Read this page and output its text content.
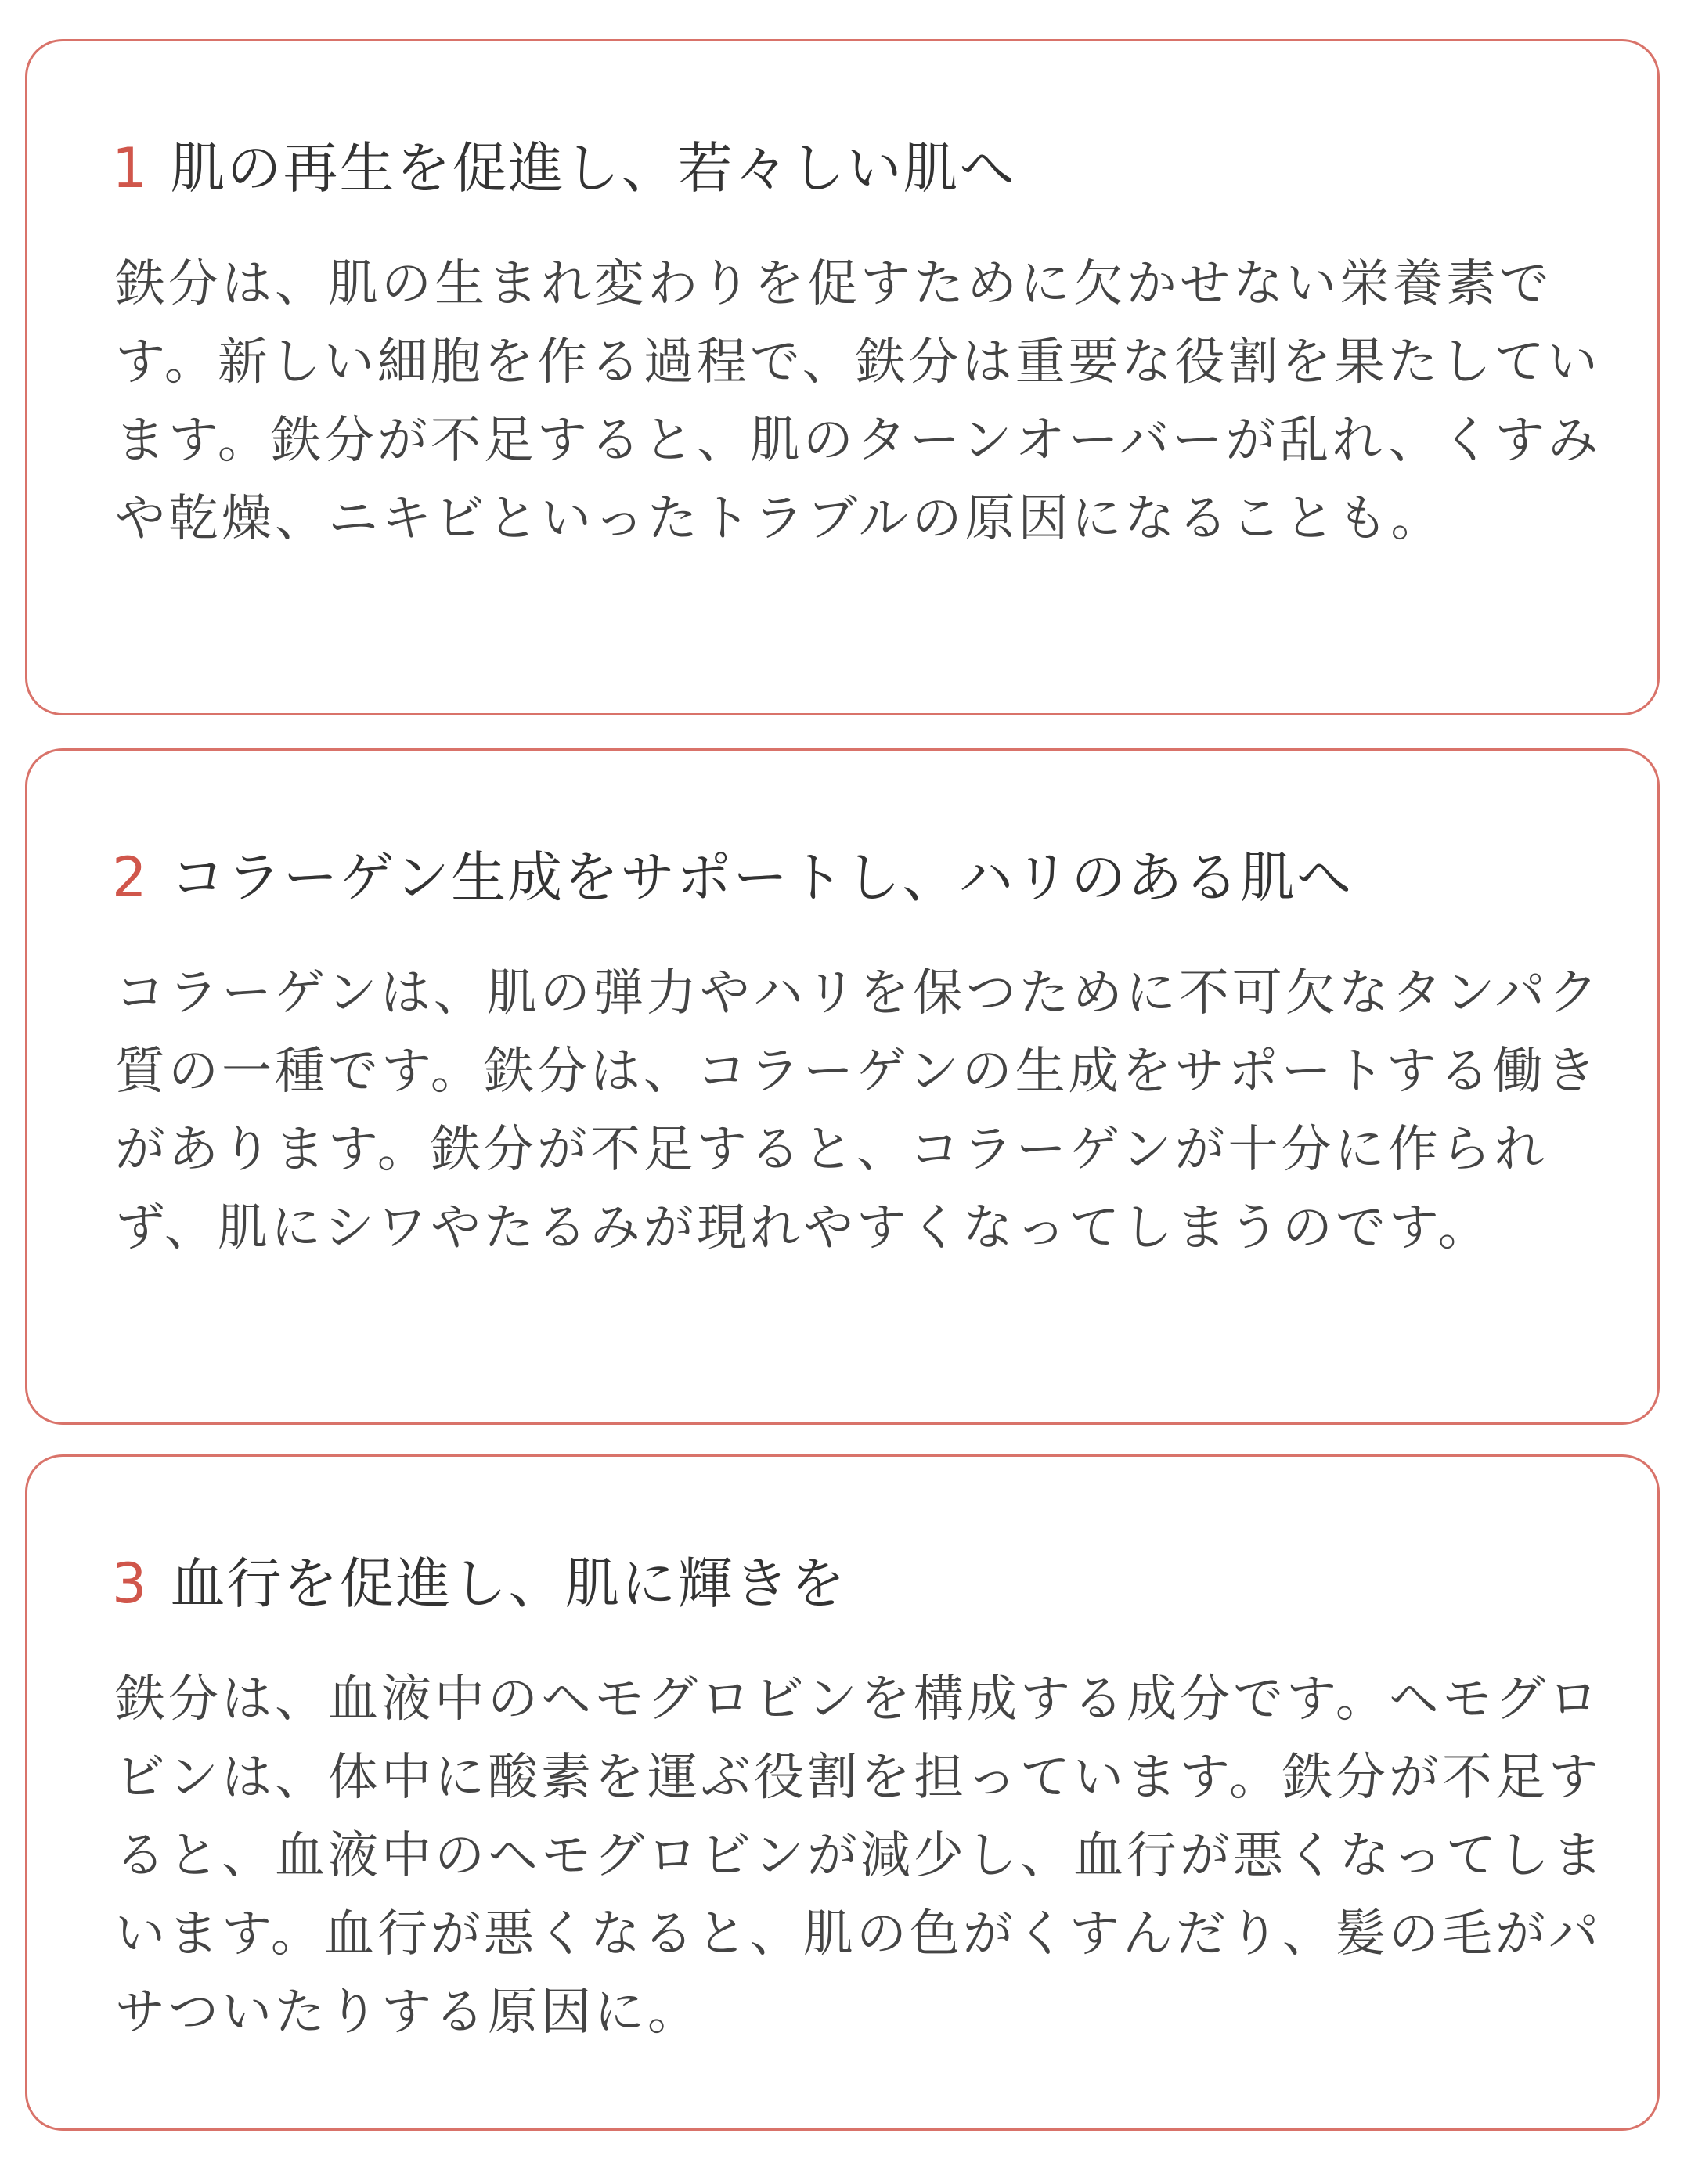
1 肌の再生を促進し、若々しい肌へ

鉄分は、肌の生まれ変わりを促すために欠かせない栄養素です。新しい細胞を作る過程で、鉄分は重要な役割を果たしています。鉄分が不足すると、肌のターンオーバーが乱れ、くすみや乾燥、ニキビといったトラブルの原因になることも。

2 コラーゲン生成をサポートし、ハリのある肌へ

コラーゲンは、肌の弾力やハリを保つために不可欠なタンパク質の一種です。鉄分は、コラーゲンの生成をサポートする働きがあります。鉄分が不足すると、コラーゲンが十分に作られず、肌にシワやたるみが現れやすくなってしまうのです。

3 血行を促進し、肌に輝きを

鉄分は、血液中のヘモグロビンを構成する成分です。ヘモグロビンは、体中に酸素を運ぶ役割を担っています。鉄分が不足すると、血液中のヘモグロビンが減少し、血行が悪くなってしまいます。血行が悪くなると、肌の色がくすんだり、髪の毛がパサついたりする原因に。
